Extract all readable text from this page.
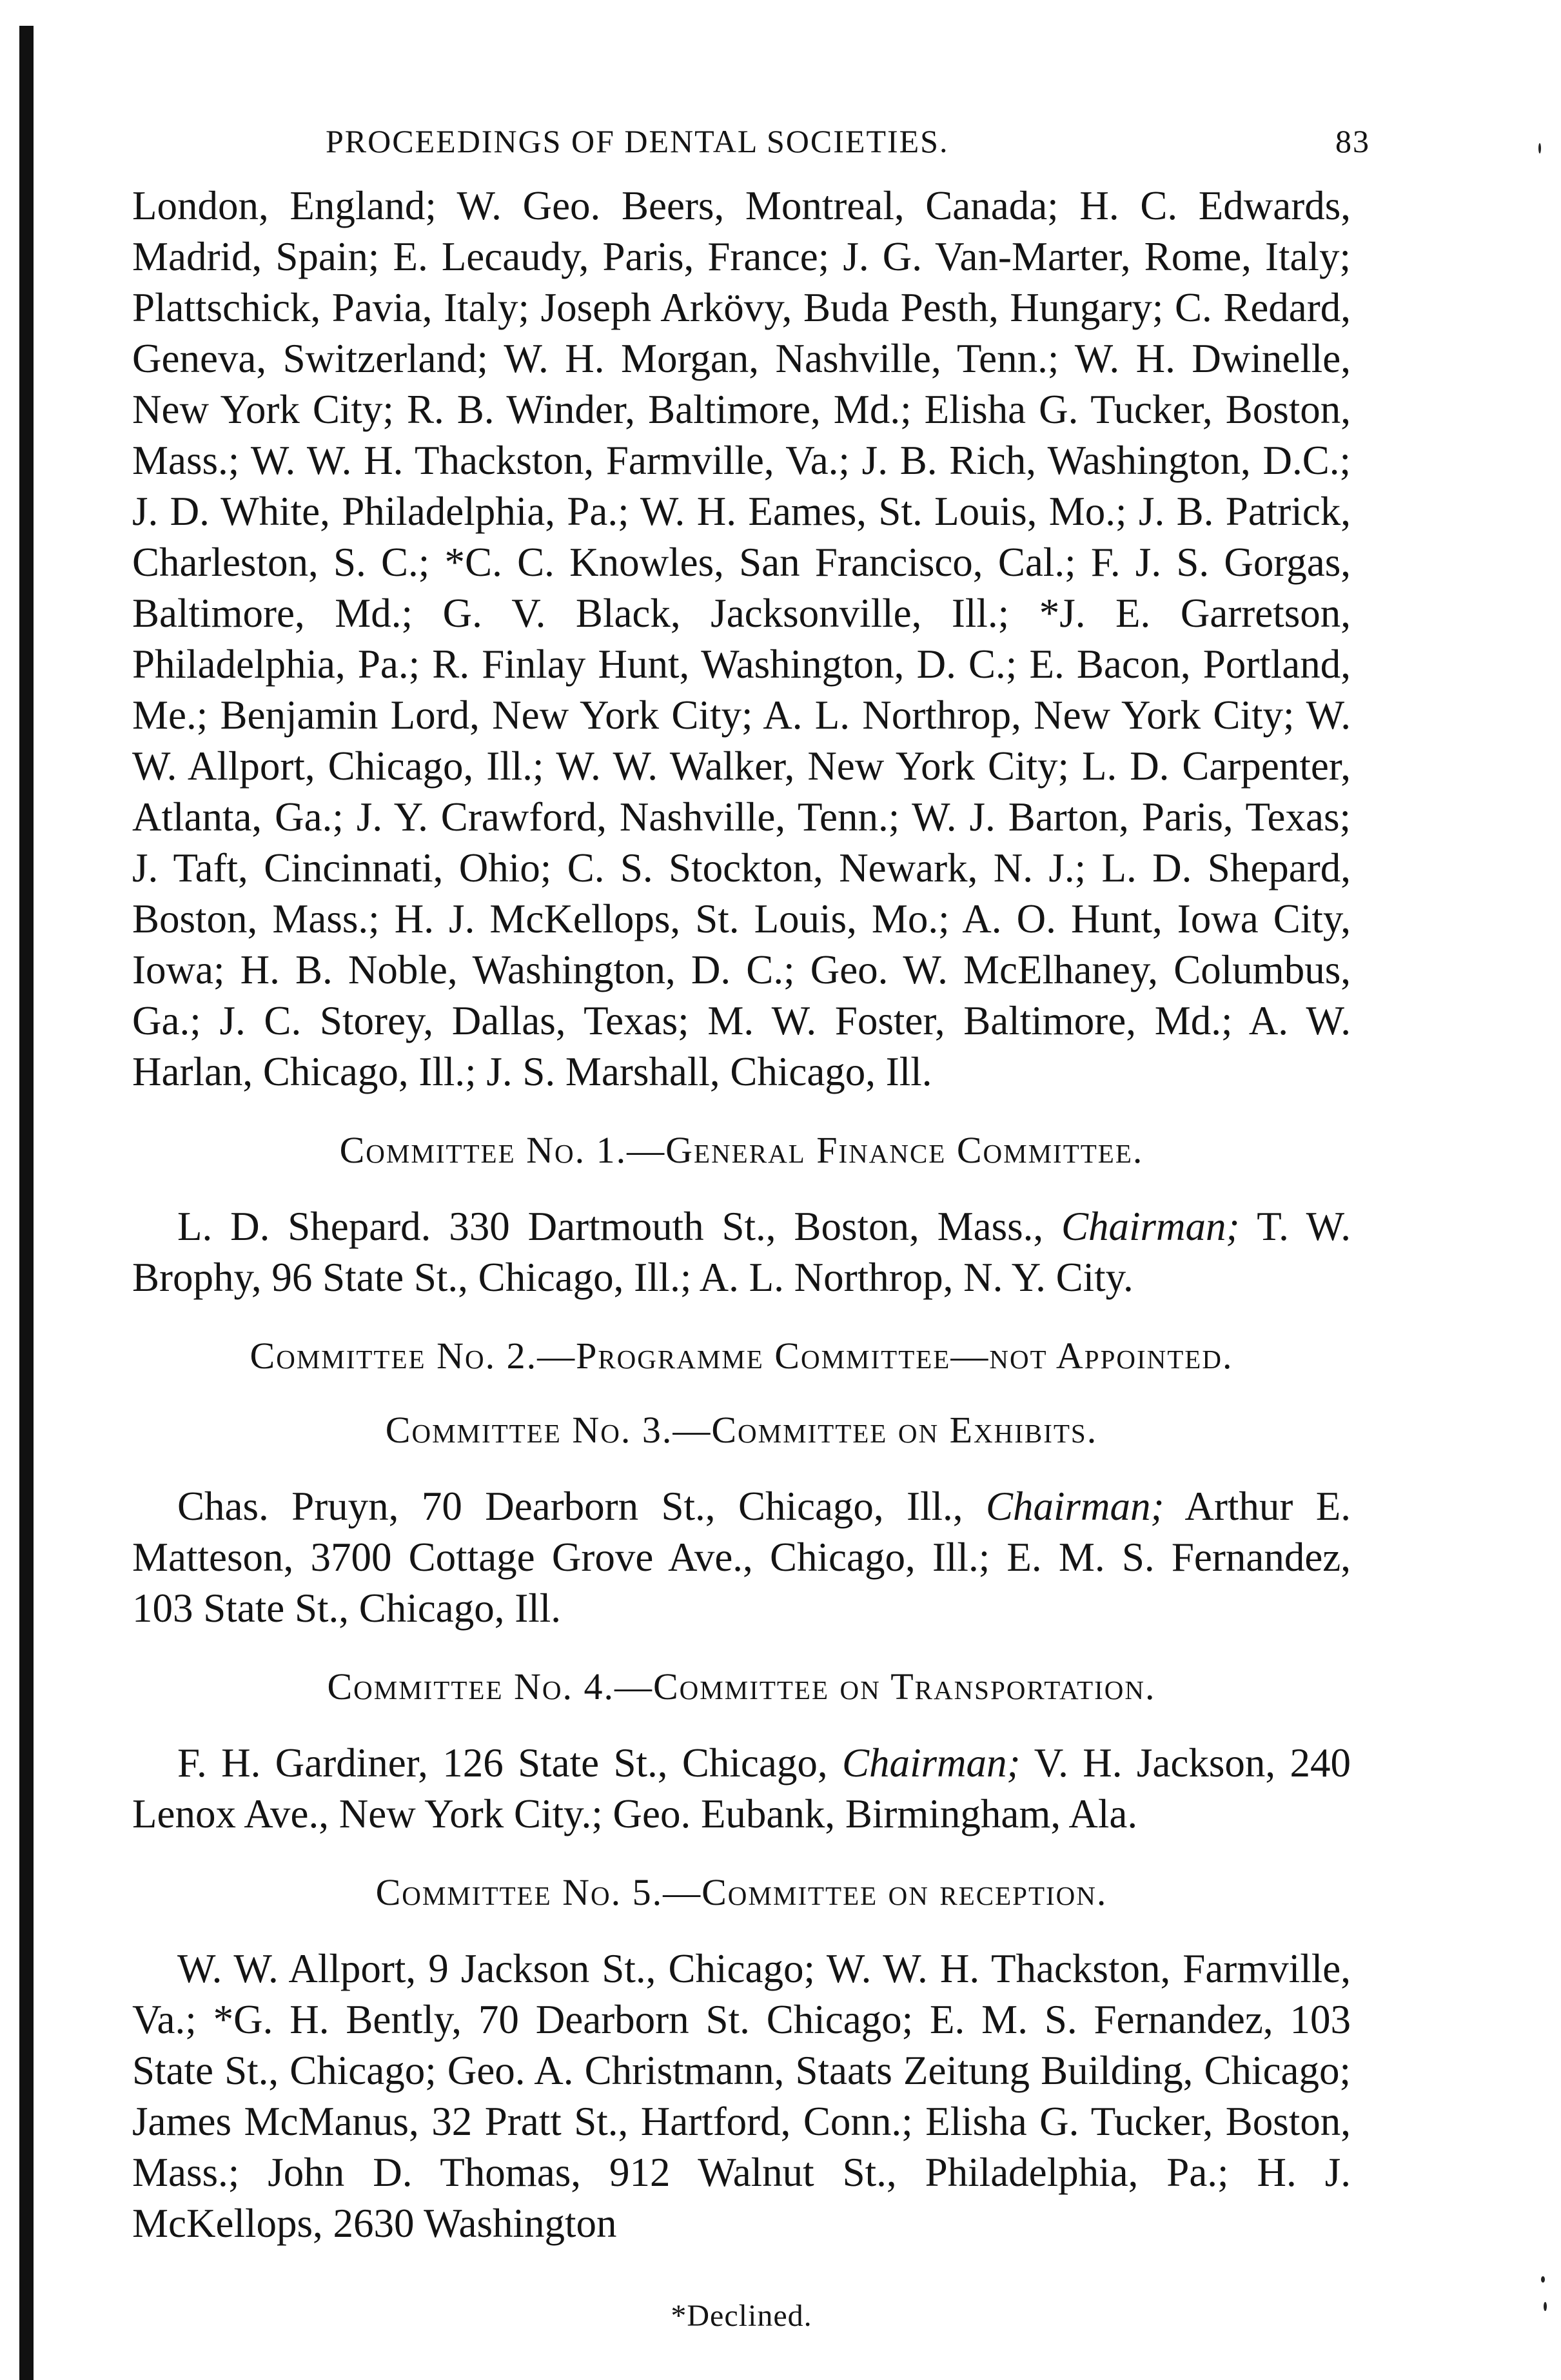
PROCEEDINGS OF DENTAL SOCIETIES.	83

London, England; W. Geo. Beers, Montreal, Canada; H. C. Edwards, Madrid, Spain; E. Lecaudy, Paris, France; J. G. Van-Marter, Rome, Italy; Plattschick, Pavia, Italy; Joseph Arkövy, Buda Pesth, Hungary; C. Redard, Geneva, Switzerland; W. H. Morgan, Nashville, Tenn.; W. H. Dwinelle, New York City; R. B. Winder, Baltimore, Md.; Elisha G. Tucker, Boston, Mass.; W. W. H. Thackston, Farmville, Va.; J. B. Rich, Washington, D.C.; J. D. White, Philadelphia, Pa.; W. H. Eames, St. Louis, Mo.; J. B. Patrick, Charleston, S. C.; *C. C. Knowles, San Francisco, Cal.; F. J. S. Gorgas, Baltimore, Md.; G. V. Black, Jacksonville, Ill.; *J. E. Garretson, Philadelphia, Pa.; R. Finlay Hunt, Washington, D. C.; E. Bacon, Portland, Me.; Benjamin Lord, New York City; A. L. Northrop, New York City; W. W. Allport, Chicago, Ill.; W. W. Walker, New York City; L. D. Carpenter, Atlanta, Ga.; J. Y. Crawford, Nashville, Tenn.; W. J. Barton, Paris, Texas; J. Taft, Cincinnati, Ohio; C. S. Stockton, Newark, N. J.; L. D. Shepard, Boston, Mass.; H. J. McKellops, St. Louis, Mo.; A. O. Hunt, Iowa City, Iowa; H. B. Noble, Washington, D. C.; Geo. W. McElhaney, Columbus, Ga.; J. C. Storey, Dallas, Texas; M. W. Foster, Baltimore, Md.; A. W. Harlan, Chicago, Ill.; J. S. Marshall, Chicago, Ill.

Committee No. 1.—General Finance Committee.

L. D. Shepard. 330 Dartmouth St., Boston, Mass., Chairman; T. W. Brophy, 96 State St., Chicago, Ill.; A. L. Northrop, N. Y. City.

Committee No. 2.—Programme Committee—not Appointed.
Committee No. 3.—Committee on Exhibits.

Chas. Pruyn, 70 Dearborn St., Chicago, Ill., Chairman; Arthur E. Matteson, 3700 Cottage Grove Ave., Chicago, Ill.; E. M. S. Fernandez, 103 State St., Chicago, Ill.

Committee No. 4.—Committee on Transportation.

F. H. Gardiner, 126 State St., Chicago, Chairman; V. H. Jackson, 240 Lenox Ave., New York City.; Geo. Eubank, Birmingham, Ala.

Committee No. 5.—Committee on reception.

W. W. Allport, 9 Jackson St., Chicago; W. W. H. Thackston, Farmville, Va.; *G. H. Bently, 70 Dearborn St. Chicago; E. M. S. Fernandez, 103 State St., Chicago; Geo. A. Christmann, Staats Zeitung Building, Chicago; James McManus, 32 Pratt St., Hartford, Conn.; Elisha G. Tucker, Boston, Mass.; John D. Thomas, 912 Walnut St., Philadelphia, Pa.; H. J. McKellops, 2630 Washington

*Declined.
